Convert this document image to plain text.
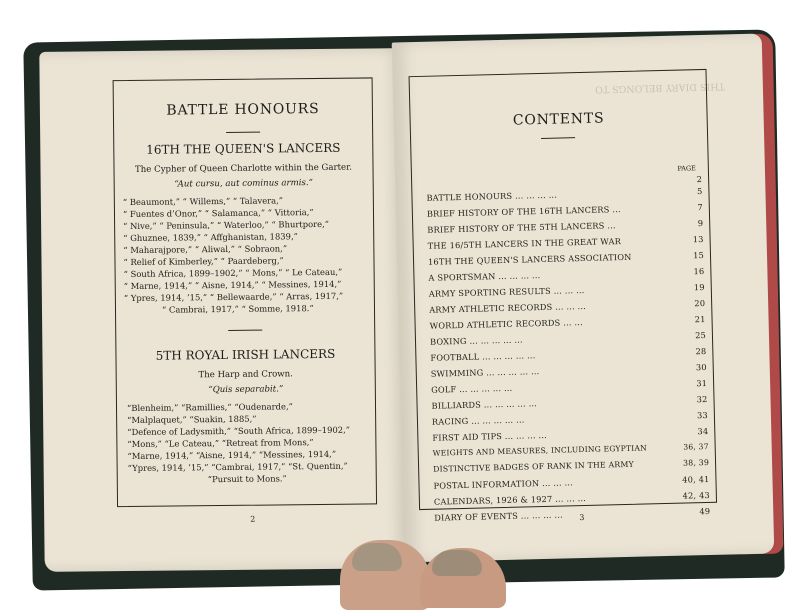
BATTLE HONOURS
16TH THE QUEEN'S LANCERS
The Cypher of Queen Charlotte within the Garter.
“Aut cursu, aut cominus armis.”
“ Beaumont,” “ Willems,” “ Talavera,”
“ Fuentes d’Onor,” “ Salamanca,” “ Vittoria,”
“ Nive,” “ Peninsula,” “ Waterloo,” “ Bhurtpore,”
“ Ghuznee, 1839,” “ Affghanistan, 1839,”
“ Maharajpore,” “ Aliwal,” “ Sobraon,”
“ Relief of Kimberley,” “ Paardeberg,”
“ South Africa, 1899–1902,” “ Mons,” “ Le Cateau,”
“ Marne, 1914,” “ Aisne, 1914,” “ Messines, 1914,”
“ Ypres, 1914, ’15,” “ Bellewaarde,” “ Arras, 1917,”
“ Cambrai, 1917,” “ Somme, 1918.”
5TH ROYAL IRISH LANCERS
The Harp and Crown.
“Quis separabit.”
“Blenheim,” “Ramillies,” “Oudenarde,”
“Malplaquet,” “Suakin, 1885,”
“Defence of Ladysmith,” “South Africa, 1899–1902,”
“Mons,” “Le Cateau,” “Retreat from Mons,”
“Marne, 1914,” “Aisne, 1914,” “Messines, 1914,”
“Ypres, 1914, ’15,” “Cambrai, 1917,” “St. Quentin,”
“Pursuit to Mons.”
2
THIS DIARY BELONGS TO
CONTENTS
PAGE
2
BATTLE HONOURS ... ... ... ...	5
BRIEF HISTORY OF THE 16TH LANCERS ...	7
BRIEF HISTORY OF THE 5TH LANCERS ...	9
THE 16/5TH LANCERS IN THE GREAT WAR	13
16TH THE QUEEN'S LANCERS ASSOCIATION	15
A SPORTSMAN ... ... ... ...	16
ARMY SPORTING RESULTS ... ... ...	19
ARMY ATHLETIC RECORDS ... ... ...	20
WORLD ATHLETIC RECORDS ... ...	21
BOXING ... ... ... ... ...	25
FOOTBALL ... ... ... ... ...	28
SWIMMING ... ... ... ... ...	30
GOLF ... ... ... ... ...	31
BILLIARDS ... ... ... ... ...	32
RACING ... ... ... ... ...	33
FIRST AID TIPS ... ... ... ...	34
WEIGHTS AND MEASURES, INCLUDING EGYPTIAN	36, 37
DISTINCTIVE BADGES OF RANK IN THE ARMY	38, 39
POSTAL INFORMATION ... ... ...	40, 41
CALENDARS, 1926 & 1927 ... ... ...	42, 43
DIARY OF EVENTS ... ... ... ...	49
3
